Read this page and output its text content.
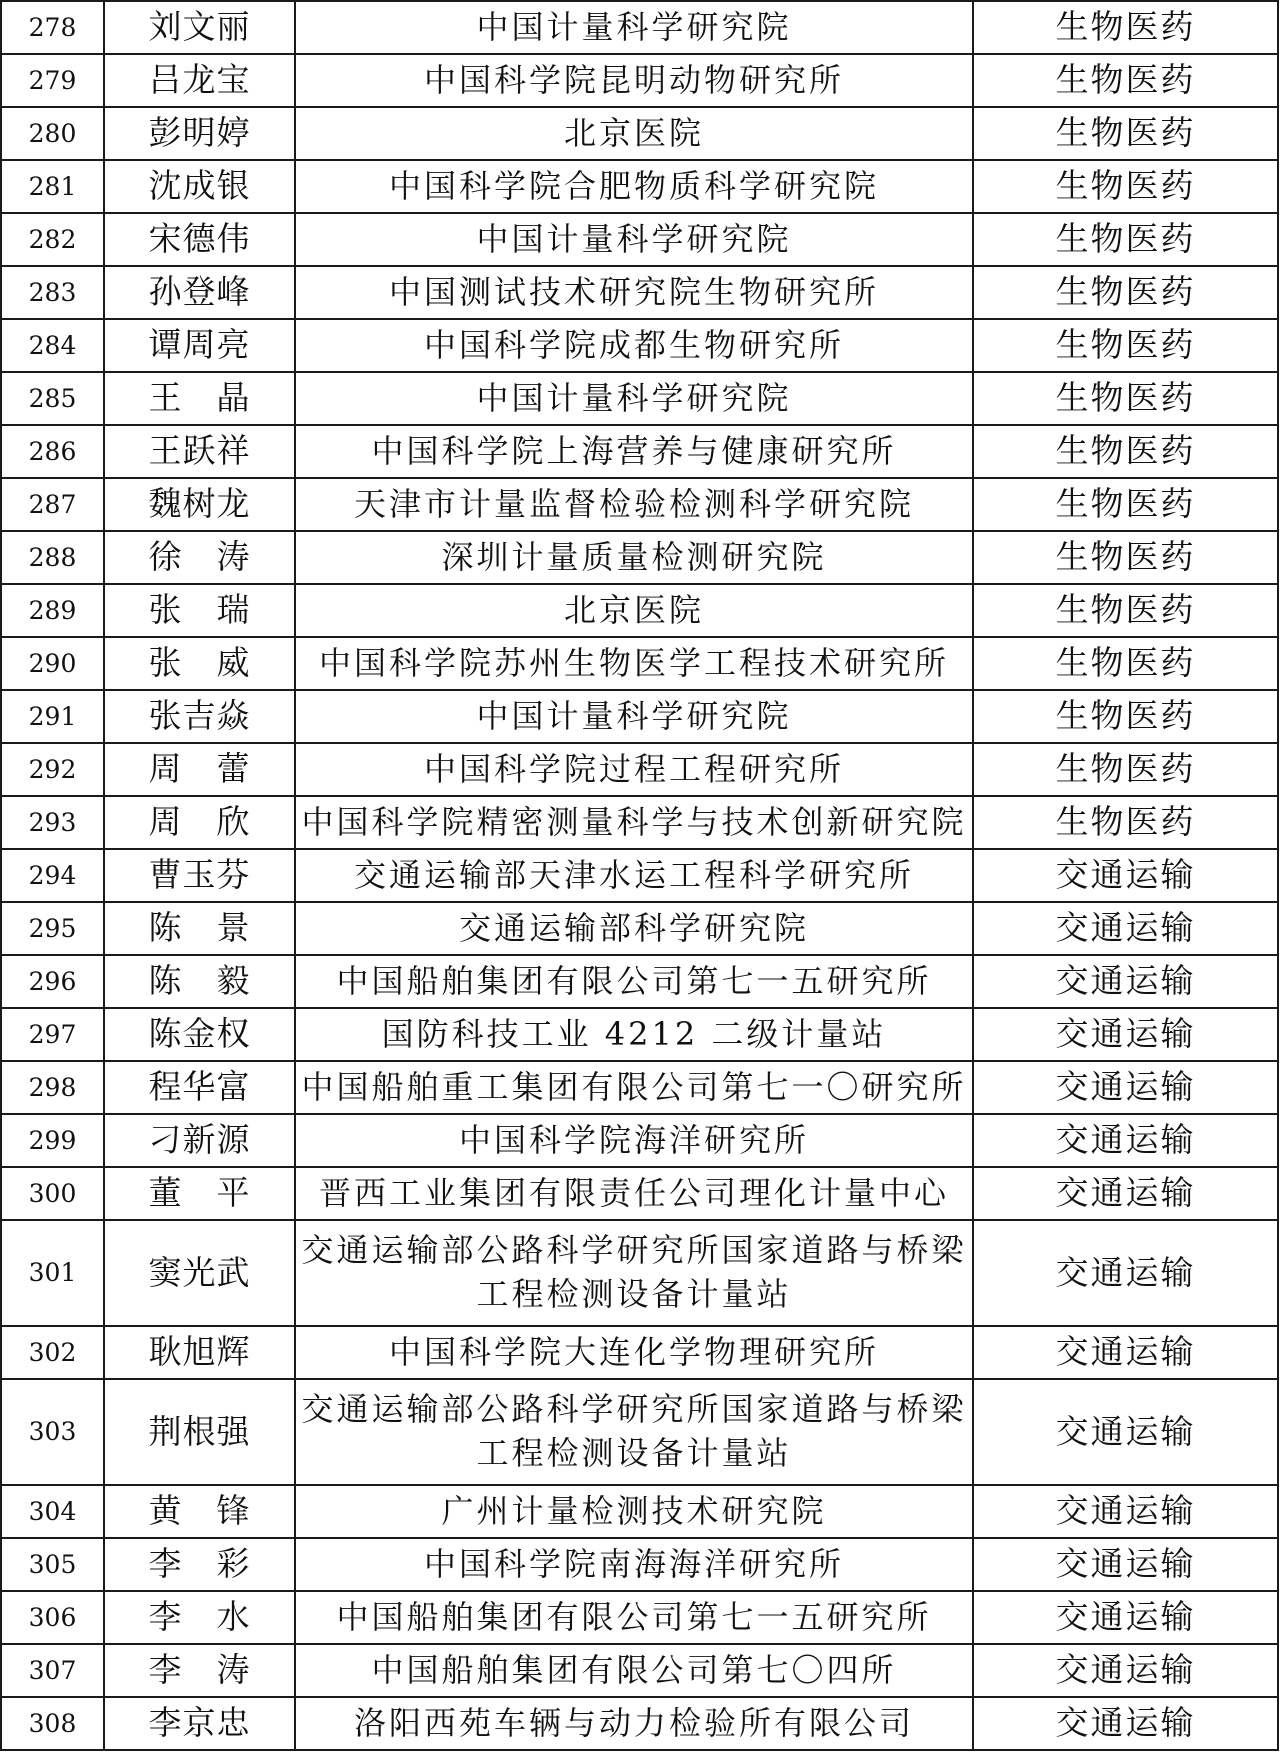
278	刘文丽	中国计量科学研究院	生物医药
279	吕龙宝	中国科学院昆明动物研究所	生物医药
280	彭明婷	北京医院	生物医药
281	沈成银	中国科学院合肥物质科学研究院	生物医药
282	宋德伟	中国计量科学研究院	生物医药
283	孙登峰	中国测试技术研究院生物研究所	生物医药
284	谭周亮	中国科学院成都生物研究所	生物医药
285	王　晶	中国计量科学研究院	生物医药
286	王跃祥	中国科学院上海营养与健康研究所	生物医药
287	魏树龙	天津市计量监督检验检测科学研究院	生物医药
288	徐　涛	深圳计量质量检测研究院	生物医药
289	张　瑞	北京医院	生物医药
290	张　威	中国科学院苏州生物医学工程技术研究所	生物医药
291	张吉焱	中国计量科学研究院	生物医药
292	周　蕾	中国科学院过程工程研究所	生物医药
293	周　欣	中国科学院精密测量科学与技术创新研究院	生物医药
294	曹玉芬	交通运输部天津水运工程科学研究所	交通运输
295	陈　景	交通运输部科学研究院	交通运输
296	陈　毅	中国船舶集团有限公司第七一五研究所	交通运输
297	陈金权	国防科技工业 4212 二级计量站	交通运输
298	程华富	中国船舶重工集团有限公司第七一〇研究所	交通运输
299	刁新源	中国科学院海洋研究所	交通运输
300	董　平	晋西工业集团有限责任公司理化计量中心	交通运输
301	窦光武	交通运输部公路科学研究所国家道路与桥梁工程检测设备计量站	交通运输
302	耿旭辉	中国科学院大连化学物理研究所	交通运输
303	荆根强	交通运输部公路科学研究所国家道路与桥梁工程检测设备计量站	交通运输
304	黄　锋	广州计量检测技术研究院	交通运输
305	李　彩	中国科学院南海海洋研究所	交通运输
306	李　水	中国船舶集团有限公司第七一五研究所	交通运输
307	李　涛	中国船舶集团有限公司第七〇四所	交通运输
308	李京忠	洛阳西苑车辆与动力检验所有限公司	交通运输
